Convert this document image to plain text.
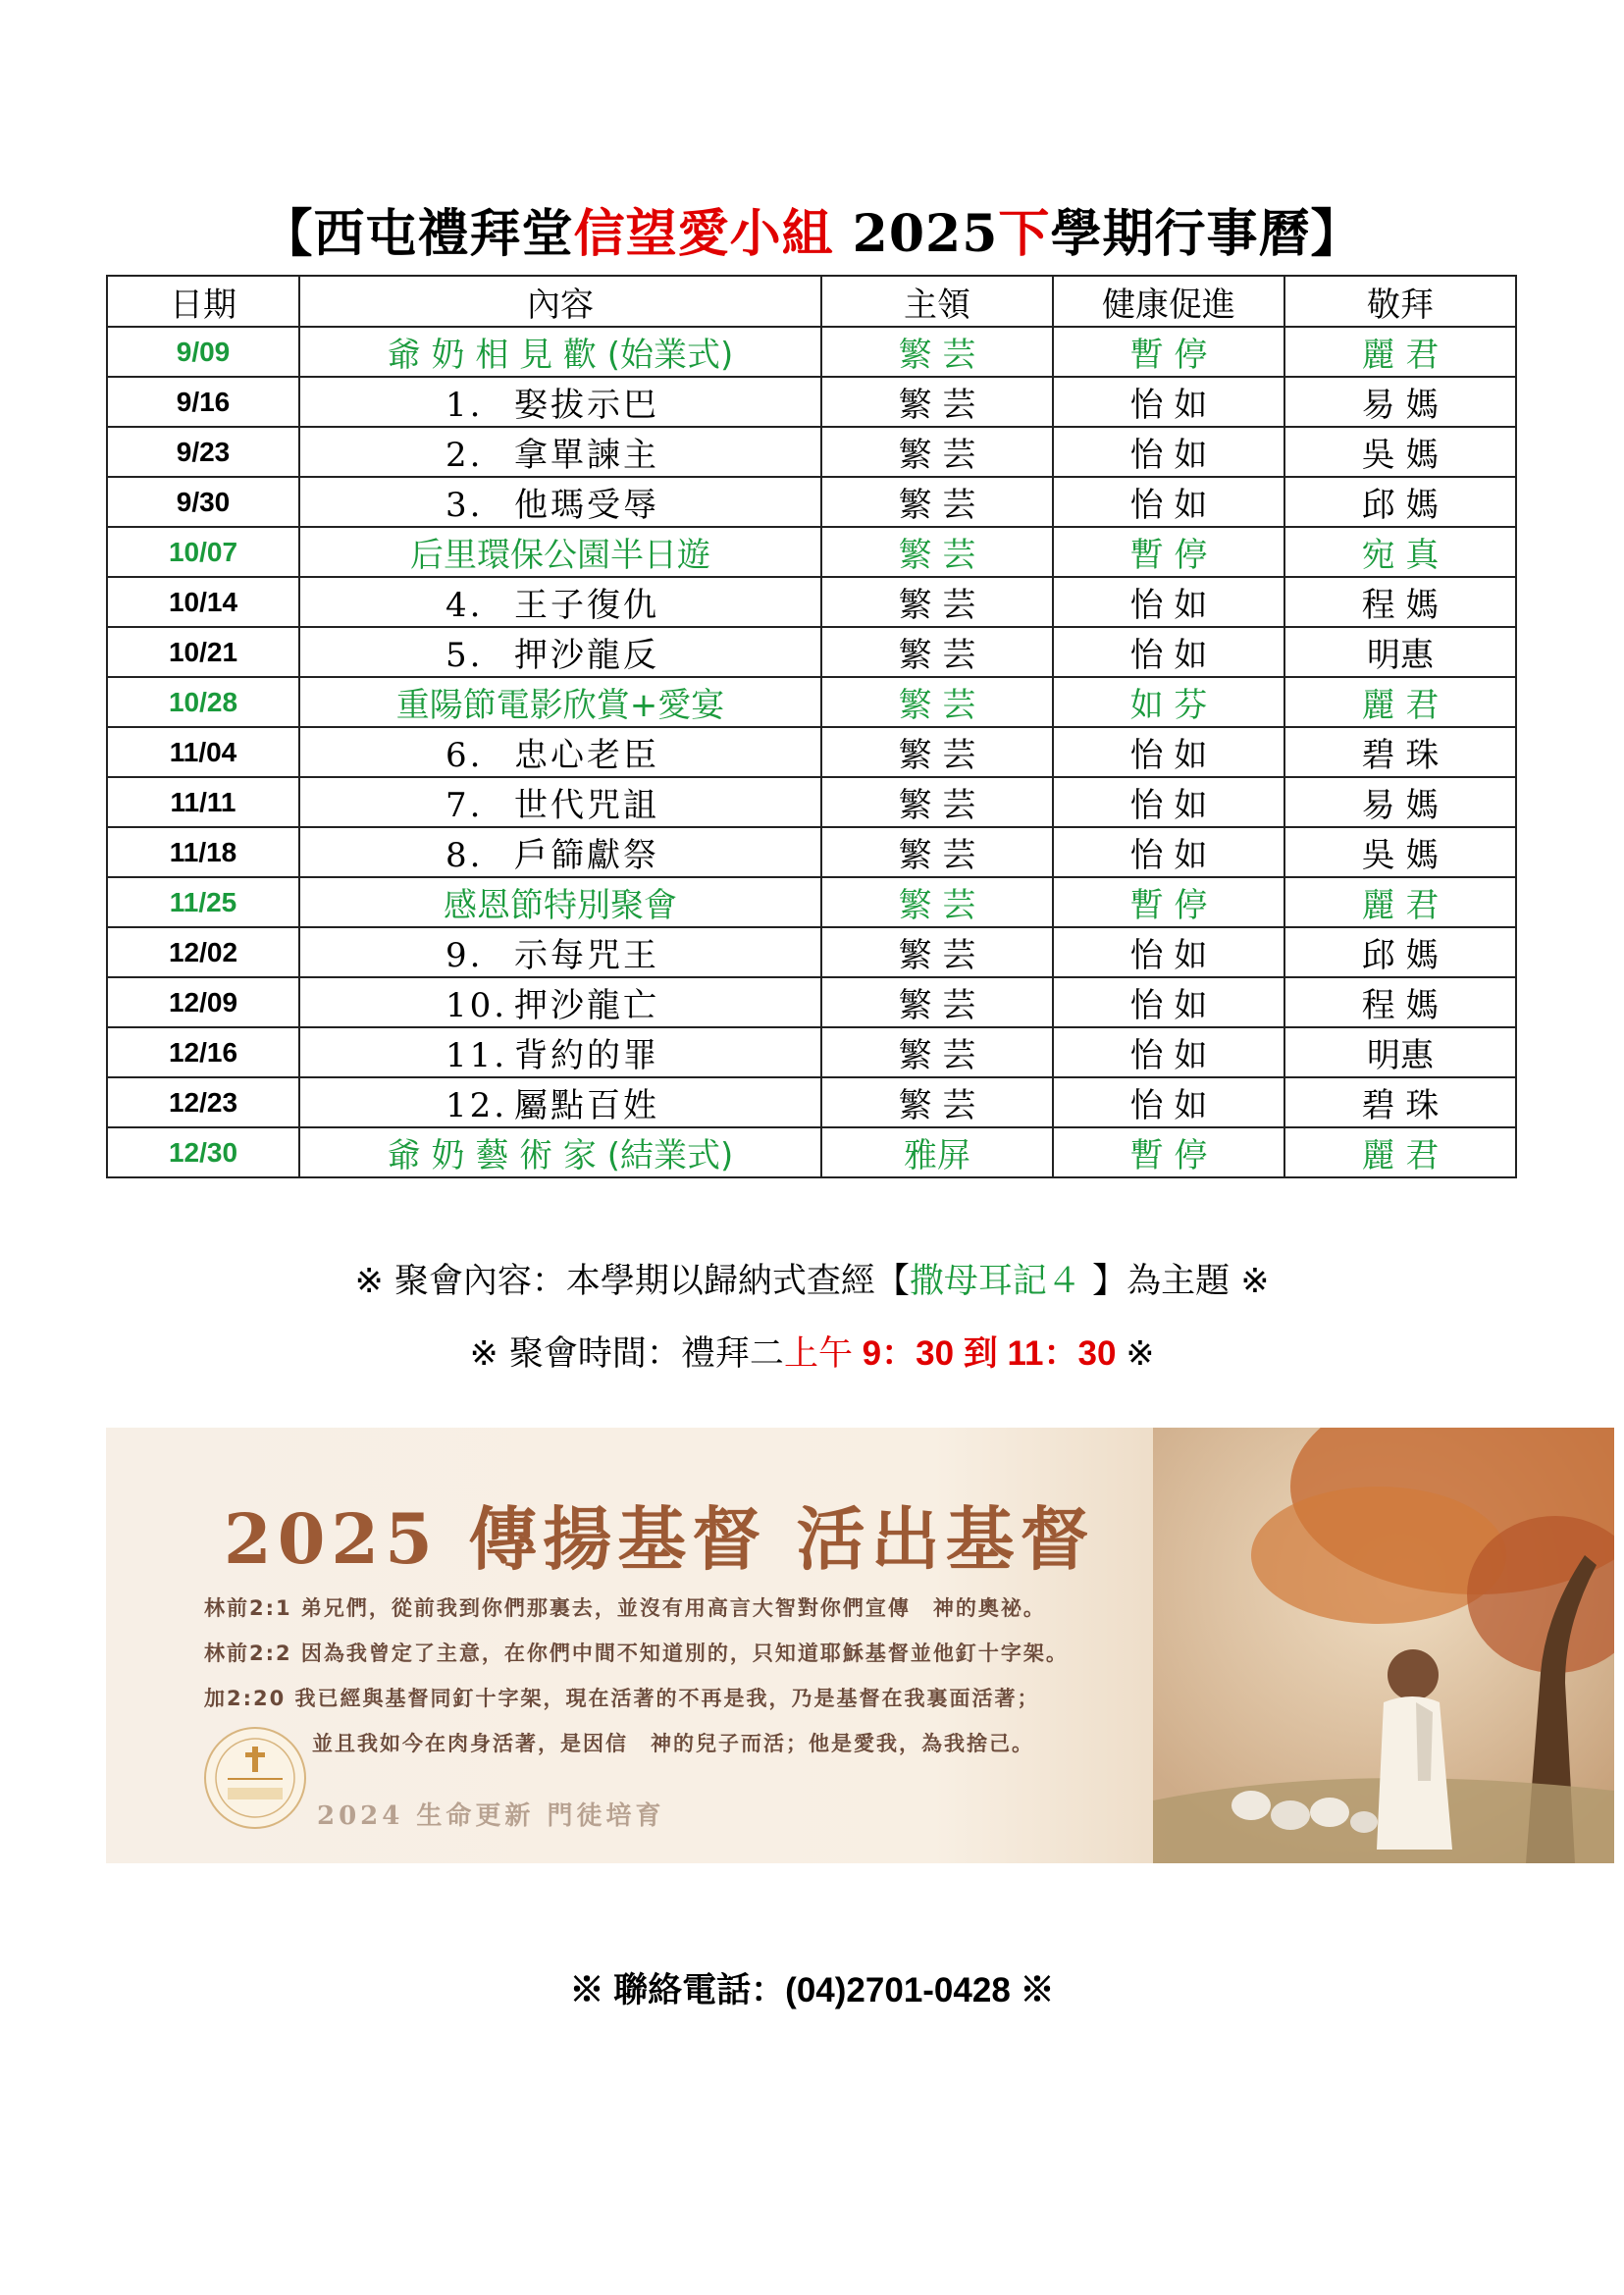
【西屯禮拜堂信望愛小組 2025下學期行事曆】
日期	內容	主領	健康促進	敬拜
9/09	爺 奶 相 見 歡 (始業式)	繁 芸	暫 停	麗 君
9/16	1. 娶拔示巴	繁 芸	怡 如	易 媽
9/23	2. 拿單諫主	繁 芸	怡 如	吳 媽
9/30	3. 他瑪受辱	繁 芸	怡 如	邱 媽
10/07	后里環保公園半日遊	繁 芸	暫 停	宛 真
10/14	4. 王子復仇	繁 芸	怡 如	程 媽
10/21	5. 押沙龍反	繁 芸	怡 如	明惠
10/28	重陽節電影欣賞+愛宴	繁 芸	如 芬	麗 君
11/04	6. 忠心老臣	繁 芸	怡 如	碧 珠
11/11	7. 世代咒詛	繁 芸	怡 如	易 媽
11/18	8. 戶篩獻祭	繁 芸	怡 如	吳 媽
11/25	感恩節特別聚會	繁 芸	暫 停	麗 君
12/02	9. 示每咒王	繁 芸	怡 如	邱 媽
12/09	10. 押沙龍亡	繁 芸	怡 如	程 媽
12/16	11. 背約的罪	繁 芸	怡 如	明惠
12/23	12. 屬點百姓	繁 芸	怡 如	碧 珠
12/30	爺 奶 藝 術 家 (結業式)	雅屏	暫 停	麗 君
※ 聚會內容：本學期以歸納式查經【撒母耳記４ 】為主題 ※
※ 聚會時間：禮拜二上午 9：30 到 11：30 ※
2025 傳揚基督 活出基督
林前2:1 弟兄們，從前我到你們那裏去，並沒有用高言大智對你們宣傳　神的奧祕。
林前2:2 因為我曾定了主意，在你們中間不知道別的，只知道耶穌基督並他釘十字架。
加2:20 我已經與基督同釘十字架，現在活著的不再是我，乃是基督在我裏面活著；
並且我如今在肉身活著，是因信　神的兒子而活；他是愛我，為我捨己。
2024 生命更新 門徒培育
※ 聯絡電話：(04)2701-0428 ※
